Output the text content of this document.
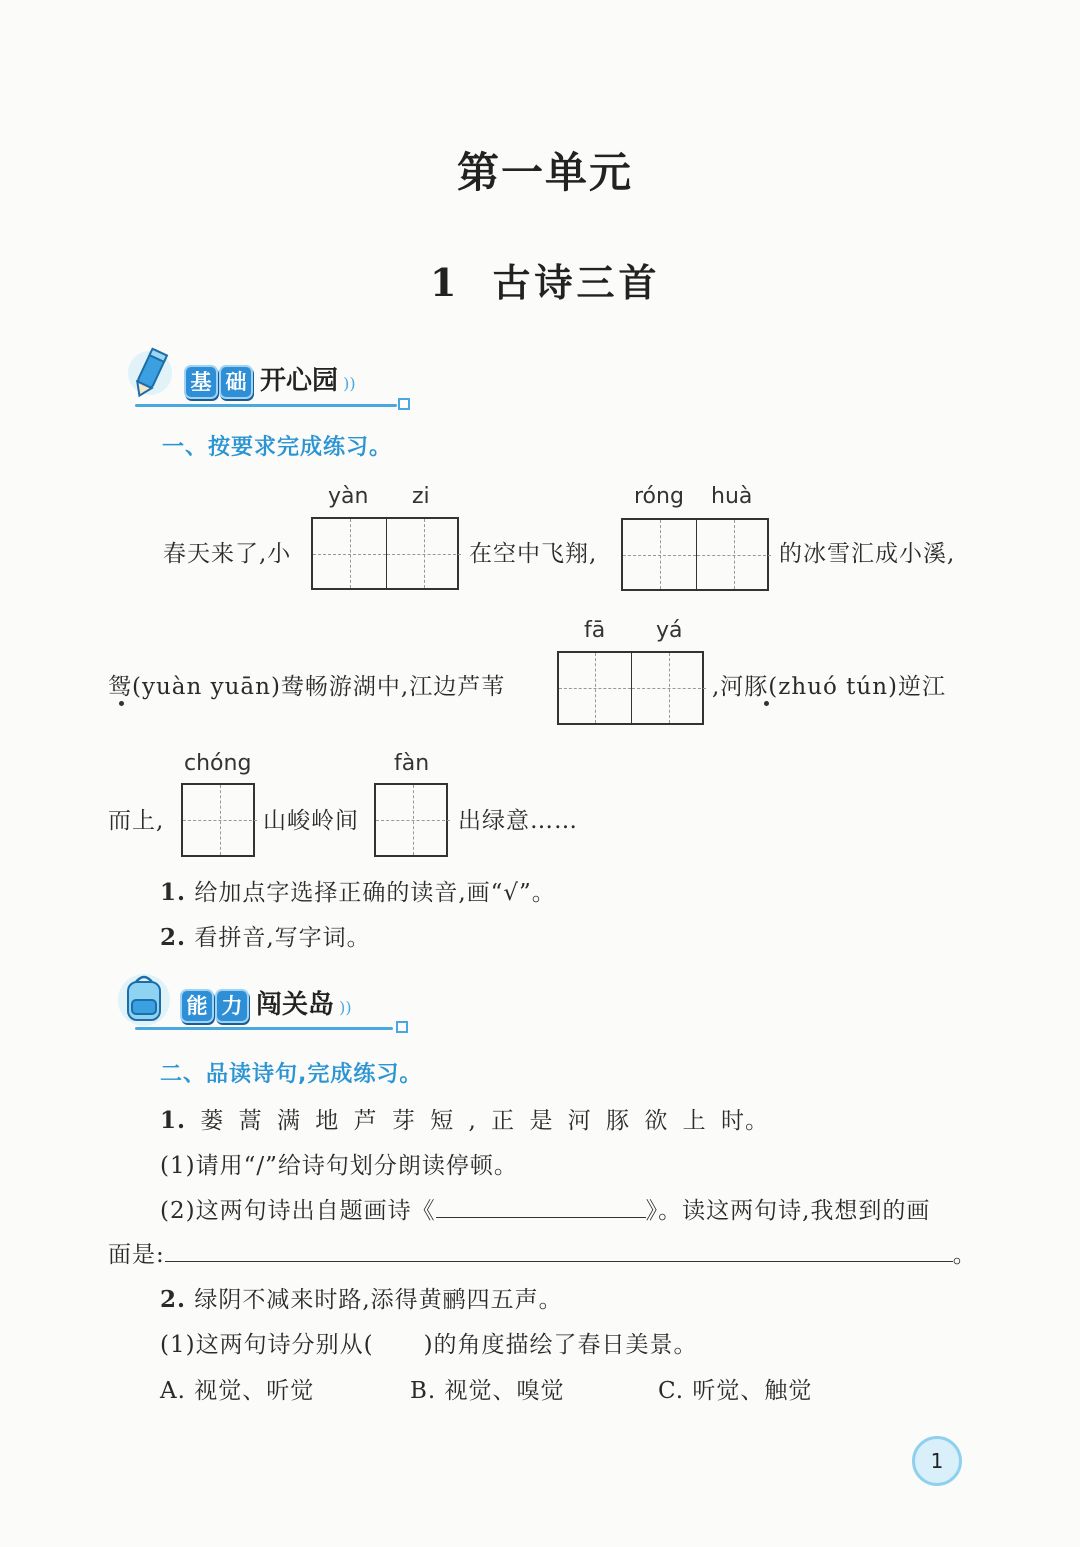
第一单元
1 古诗三首
基 础 开心园 ))
一、按要求完成练习。
yàn zi	róng huà
春天来了,小	在空中飞翔,	的冰雪汇成小溪,
fā yá
鸳(yuàn yuān)鸯畅游湖中,江边芦苇	,河豚(zhuó tún)逆江
chóng	fàn
而上,	山峻岭间	出绿意……
1. 给加点字选择正确的读音,画“√”。
2. 看拼音,写字词。
能 力 闯关岛 ))
二、品读诗句,完成练习。
1. 蒌 蒿 满 地 芦 芽 短 , 正 是 河 豚 欲 上 时。
(1)请用“/”给诗句划分朗读停顿。
(2)这两句诗出自题画诗《	》。读这两句诗,我想到的画
面是:	。
2. 绿阴不减来时路,添得黄鹂四五声。
(1)这两句诗分别从( )的角度描绘了春日美景。
A. 视觉、听觉	B. 视觉、嗅觉	C. 听觉、触觉
1
